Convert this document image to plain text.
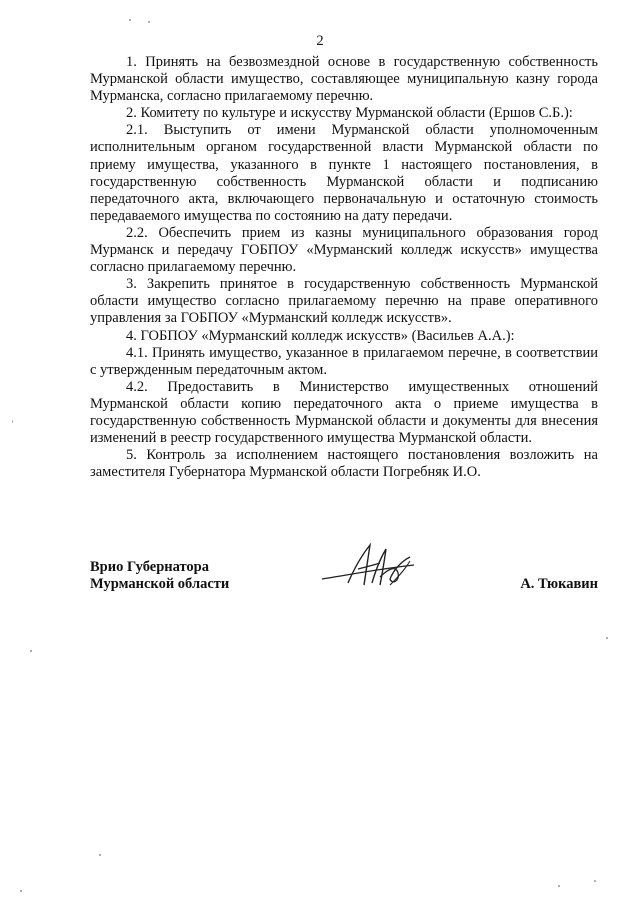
2

1. Принять на безвозмездной основе в государственную собственность Мурманской области имущество, составляющее муниципальную казну города Мурманска, согласно прилагаемому перечню.

2. Комитету по культуре и искусству Мурманской области (Ершов С.Б.):

2.1. Выступить от имени Мурманской области уполномоченным исполнительным органом государственной власти Мурманской области по приему имущества, указанного в пункте 1 настоящего постановления, в государственную собственность Мурманской области и подписанию передаточного акта, включающего первоначальную и остаточную стоимость передаваемого имущества по состоянию на дату передачи.

2.2. Обеспечить прием из казны муниципального образования город Мурманск и передачу ГОБПОУ «Мурманский колледж искусств» имущества согласно прилагаемому перечню.

3. Закрепить принятое в государственную собственность Мурманской области имущество согласно прилагаемому перечню на праве оперативного управления за ГОБПОУ «Мурманский колледж искусств».

4. ГОБПОУ «Мурманский колледж искусств» (Васильев А.А.):

4.1. Принять имущество, указанное в прилагаемом перечне, в соответствии с утвержденным передаточным актом.

4.2. Предоставить в Министерство имущественных отношений Мурманской области копию передаточного акта о приеме имущества в государственную собственность Мурманской области и документы для внесения изменений в реестр государственного имущества Мурманской области.

5. Контроль за исполнением настоящего постановления возложить на заместителя Губернатора Мурманской области Погребняк И.О.

Врио Губернатора
Мурманской области	А. Тюкавин
